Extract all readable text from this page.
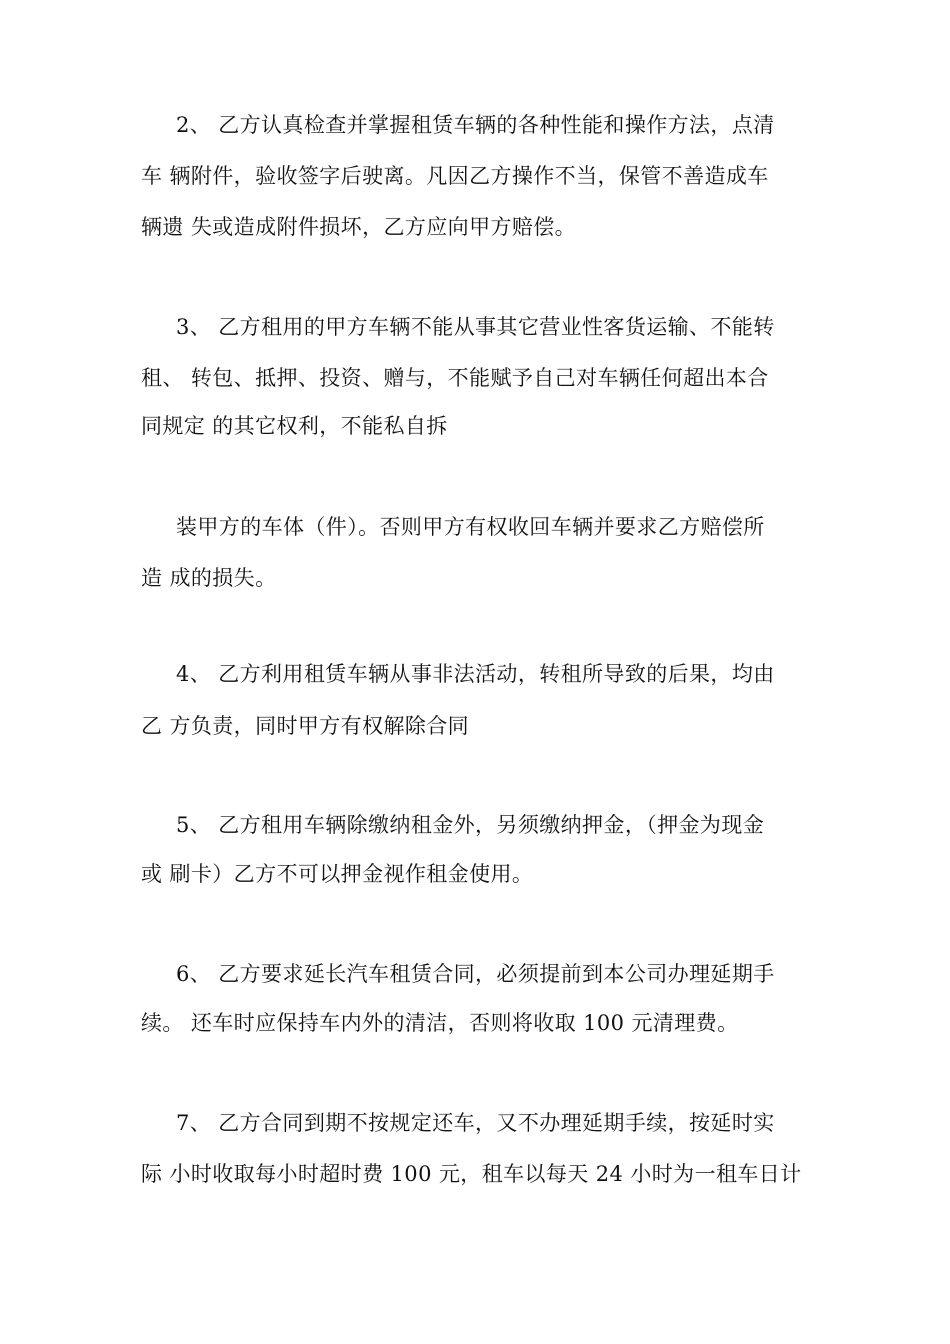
2、 乙方认真检查并掌握租赁车辆的各种性能和操作方法，点清
车 辆附件，验收签字后驶离。凡因乙方操作不当，保管不善造成车
辆遗 失或造成附件损坏，乙方应向甲方赔偿。
3、 乙方租用的甲方车辆不能从事其它营业性客货运输、不能转
租、 转包、抵押、投资、赠与，不能赋予自己对车辆任何超出本合
同规定 的其它权利，不能私自拆
装甲方的车体（件）。否则甲方有权收回车辆并要求乙方赔偿所
造 成的损失。
4、 乙方利用租赁车辆从事非法活动，转租所导致的后果，均由
乙 方负责，同时甲方有权解除合同
5、 乙方租用车辆除缴纳租金外，另须缴纳押金，（押金为现金
或 刷卡）乙方不可以押金视作租金使用。
6、 乙方要求延长汽车租赁合同，必须提前到本公司办理延期手
续。 还车时应保持车内外的清洁，否则将收取 100 元清理费。
7、 乙方合同到期不按规定还车，又不办理延期手续，按延时实
际 小时收取每小时超时费 100 元，租车以每天 24 小时为一租车日计
